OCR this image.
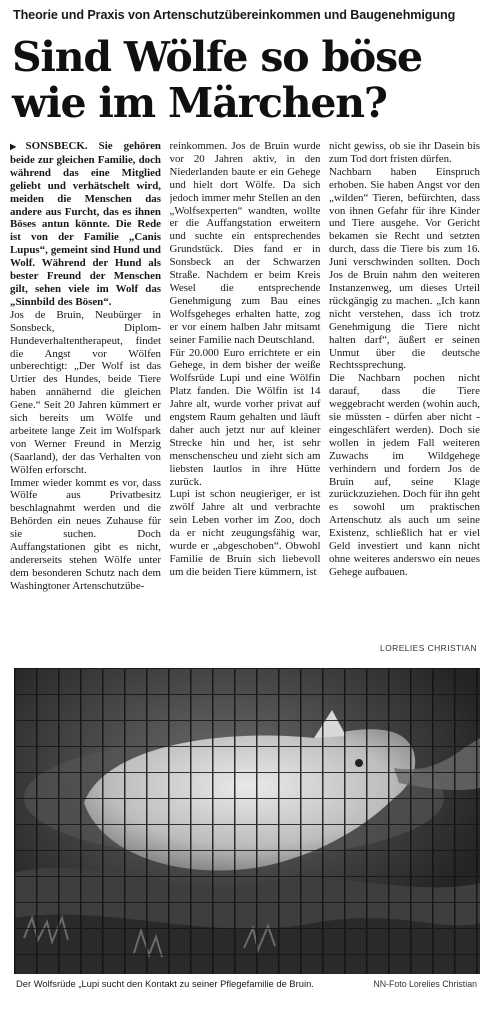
Theorie und Praxis von Artenschutzübereinkommen und Baugenehmigung
Sind Wölfe so böse
wie im Märchen?

▶SONSBECK. Sie gehören beide zur gleichen Familie, doch während das eine Mitglied geliebt und verhätschelt wird, meiden die Menschen das andere aus Furcht, das es ihnen Böses antun könnte. Die Rede ist von der Familie „Canis Lupus“, gemeint sind Hund und Wolf. Während der Hund als bester Freund der Menschen gilt, sehen viele im Wolf das „Sinnbild des Bösen“.

Jos de Bruin, Neubürger in Sonsbeck, Diplom-Hundeverhaltentherapeut, findet die Angst vor Wölfen unberechtigt: „Der Wolf ist das Urtier des Hundes, beide Tiere haben annähernd die gleichen Gene.“ Seit 20 Jahren kümmert er sich bereits um Wölfe und arbeitete lange Zeit im Wolfspark von Werner Freund in Merzig (Saarland), der das Verhalten von Wölfen erforscht.

Immer wieder kommt es vor, dass Wölfe aus Privatbesitz beschlagnahmt werden und die Behörden ein neues Zuhause für sie suchen. Doch Auffangstationen gibt es nicht, andererseits stehen Wölfe unter dem besonderen Schutz nach dem Washingtoner Artenschutzübe-

reinkommen. Jos de Bruin wurde vor 20 Jahren aktiv, in den Niederlanden baute er ein Gehege und hielt dort Wölfe. Da sich jedoch immer mehr Stellen an den „Wolfsexperten“ wandten, wollte er die Auffangstation erweitern und suchte ein entsprechendes Grundstück. Dies fand er in Sonsbeck an der Schwarzen Straße. Nachdem er beim Kreis Wesel die entsprechende Genehmigung zum Bau eines Wolfsgeheges erhalten hatte, zog er vor einem halben Jahr mitsamt seiner Familie nach Deutschland.

Für 20.000 Euro errichtete er ein Gehege, in dem bisher der weiße Wolfsrüde Lupi und eine Wölfin Platz fanden. Die Wölfin ist 14 Jahre alt, wurde vorher privat auf engstem Raum gehalten und läuft daher auch jetzt nur auf kleiner Strecke hin und her, ist sehr menschenscheu und zieht sich am liebsten lautlos in ihre Hütte zurück.

Lupi ist schon neugieriger, er ist zwölf Jahre alt und verbrachte sein Leben vorher im Zoo, doch da er nicht zeugungsfähig war, wurde er „abgeschoben“. Obwohl Familie de Bruin sich liebevoll um die beiden Tiere kümmern, ist

nicht gewiss, ob sie ihr Dasein bis zum Tod dort fristen dürfen.

Nachbarn haben Einspruch erhoben. Sie haben Angst vor den „wilden“ Tieren, befürchten, dass von ihnen Gefahr für ihre Kinder und Tiere ausgehe. Vor Gericht bekamen sie Recht und setzten durch, dass die Tiere bis zum 16. Juni verschwinden sollten. Doch Jos de Bruin nahm den weiteren Instanzenweg, um dieses Urteil rückgängig zu machen. „Ich kann nicht verstehen, dass ich trotz Genehmigung die Tiere nicht halten darf“, äußert er seinen Unmut über die deutsche Rechtssprechung.

Die Nachbarn pochen nicht darauf, dass die Tiere weggebracht werden (wohin auch, sie müssten - dürfen aber nicht - eingeschläfert werden). Doch sie wollen in jedem Fall weiteren Zuwachs im Wildgehege verhindern und fordern Jos de Bruin auf, seine Klage zurückzuziehen. Doch für ihn geht es sowohl um praktischen Artenschutz als auch um seine Existenz, schließlich hat er viel Geld investiert und kann nicht ohne weiteres anderswo ein neues Gehege aufbauen.

LORELIES CHRISTIAN
Der Wolfsrüde „Lupi sucht den Kontakt zu seiner Pflegefamilie de Bruin.	NN-Foto Lorelies Christian
